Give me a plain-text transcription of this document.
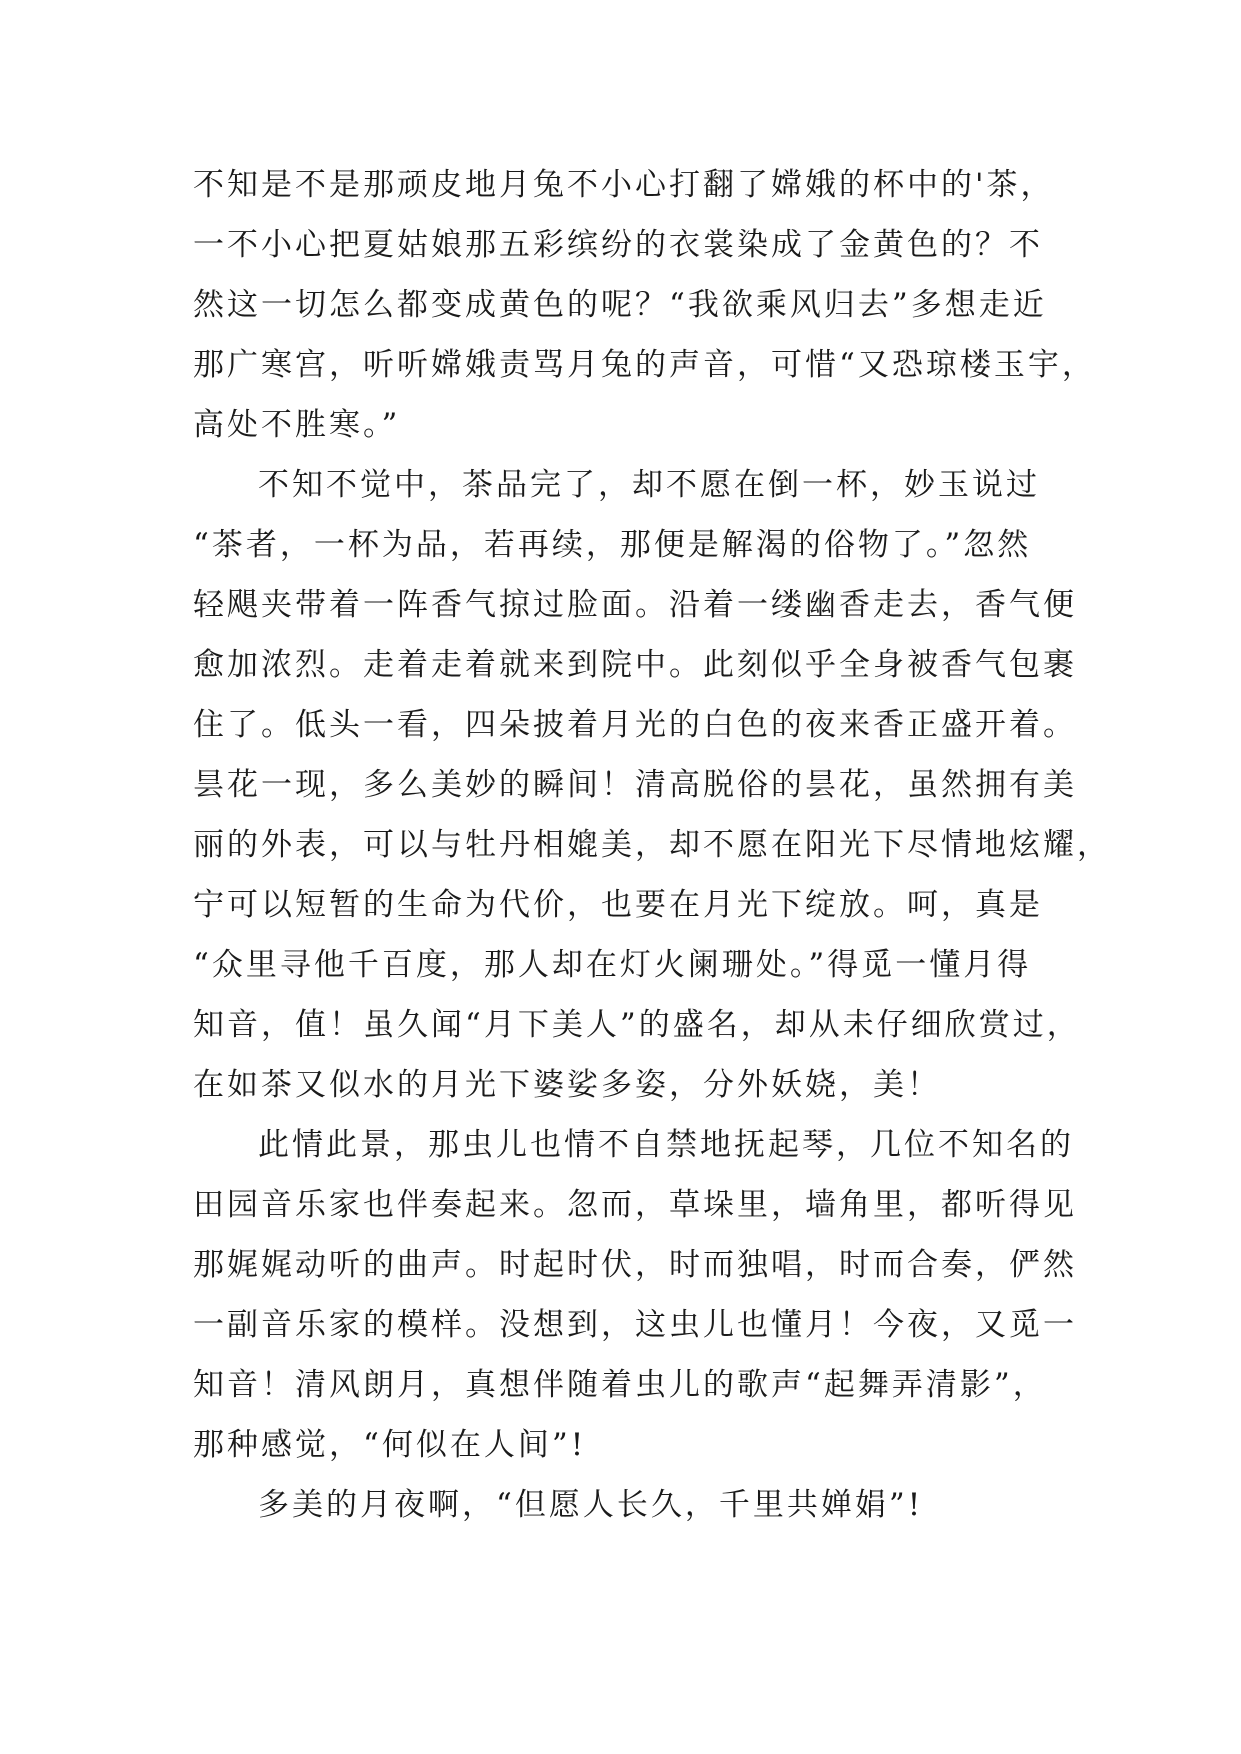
不知是不是那顽皮地月兔不小心打翻了嫦娥的杯中的'茶，

一不小心把夏姑娘那五彩缤纷的衣裳染成了金黄色的？不

然这一切怎么都变成黄色的呢？“我欲乘风归去”多想走近

那广寒宫，听听嫦娥责骂月兔的声音，可惜“又恐琼楼玉宇，

高处不胜寒。”

不知不觉中，茶品完了，却不愿在倒一杯，妙玉说过

“茶者，一杯为品，若再续，那便是解渴的俗物了。”忽然

轻飓夹带着一阵香气掠过脸面。沿着一缕幽香走去，香气便

愈加浓烈。走着走着就来到院中。此刻似乎全身被香气包裹

住了。低头一看，四朵披着月光的白色的夜来香正盛开着。

昙花一现，多么美妙的瞬间！清高脱俗的昙花，虽然拥有美

丽的外表，可以与牡丹相媲美，却不愿在阳光下尽情地炫耀，

宁可以短暂的生命为代价，也要在月光下绽放。呵，真是

“众里寻他千百度，那人却在灯火阑珊处。”得觅一懂月得

知音，值！虽久闻“月下美人”的盛名，却从未仔细欣赏过，

在如茶又似水的月光下婆娑多姿，分外妖娆，美！

此情此景，那虫儿也情不自禁地抚起琴，几位不知名的

田园音乐家也伴奏起来。忽而，草垛里，墙角里，都听得见

那娓娓动听的曲声。时起时伏，时而独唱，时而合奏，俨然

一副音乐家的模样。没想到，这虫儿也懂月！今夜，又觅一

知音！清风朗月，真想伴随着虫儿的歌声“起舞弄清影”，

那种感觉，“何似在人间”!

多美的月夜啊，“但愿人长久，千里共婵娟”!
